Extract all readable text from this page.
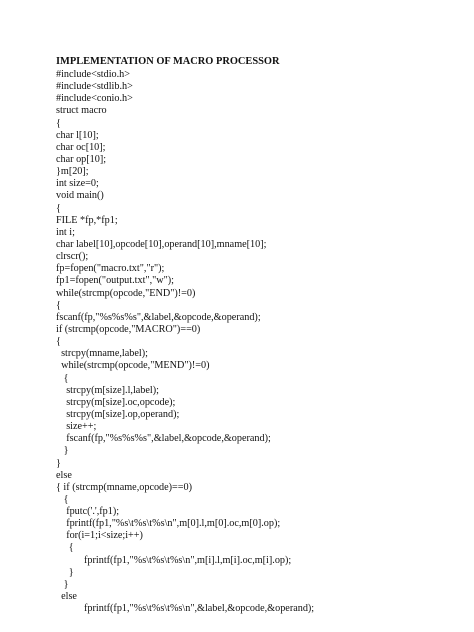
IMPLEMENTATION OF MACRO PROCESSOR
#include<stdio.h>
#include<stdlib.h>
#include<conio.h>
struct macro
{
char l[10];
char oc[10];
char op[10];
}m[20];
int size=0;
void main()
{
FILE *fp,*fp1;
int i;
char label[10],opcode[10],operand[10],mname[10];
clrscr();
fp=fopen("macro.txt","r");
fp1=fopen("output.txt","w");
while(strcmp(opcode,"END")!=0)
{
fscanf(fp,"%s%s%s",&label,&opcode,&operand);
if (strcmp(opcode,"MACRO")==0)
{
strcpy(mname,label);
while(strcmp(opcode,"MEND")!=0)
{
strcpy(m[size].l,label);
strcpy(m[size].oc,opcode);
strcpy(m[size].op,operand);
size++;
fscanf(fp,"%s%s%s",&label,&opcode,&operand);
}
}
else
{ if (strcmp(mname,opcode)==0)
{
fputc('.',fp1);
fprintf(fp1,"%s\t%s\t%s\n",m[0].l,m[0].oc,m[0].op);
for(i=1;i<size;i++)
{
fprintf(fp1,"%s\t%s\t%s\n",m[i].l,m[i].oc,m[i].op);
}
}
else
fprintf(fp1,"%s\t%s\t%s\n",&label,&opcode,&operand);
